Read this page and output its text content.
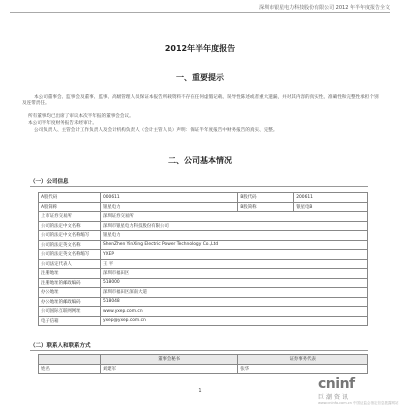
深圳市银星电力科技股份有限公司 2012 年半年度报告全文
2012年半年度报告
一、重要提示
本公司董事会、监事会及董事、监事、高级管理人员保证本报告所载资料不存在任何虚假记载、误导性陈述或者重大遗漏，并对其内容的真实性、准确性和完整性承担个别及连带责任。
所有董事均已出席了审议本次半年报的董事会会议。
本公司半年度财务报告未经审计。
公司负责人、主管会计工作负责人及会计机构负责人（会计主管人员）声明：保证半年度报告中财务报告的真实、完整。
二、公司基本情况
（一）公司信息
A股代码	000611	B股代码	200611
A股简称	银星电力	B股简称	银星电B
上市证券交易所	深圳证券交易所		
公司的法定中文名称	深圳市银星电力科技股份有限公司		
公司的法定中文名称缩写	银星电力		
公司的法定英文名称	ShenZhen YinXing Electric Power Technology Co.,Ltd		
公司的法定英文名称缩写	YXEP		
公司法定代表人	王 平		
注册地址	深圳市福田区		
注册地址的邮政编码	518000		
办公地址	深圳市福田区深南大道		
办公地址的邮政编码	518048		
公司国际互联网网址	www.yxep.com.cn		
电子信箱	yxep@yxep.com.cn		
（二）联系人和联系方式
	董事会秘书	证券事务代表
姓名	刘建军	张华
1	cninf
巨潮资讯
www.cninfo.com.cn 中国证监会指定信息披露网站
